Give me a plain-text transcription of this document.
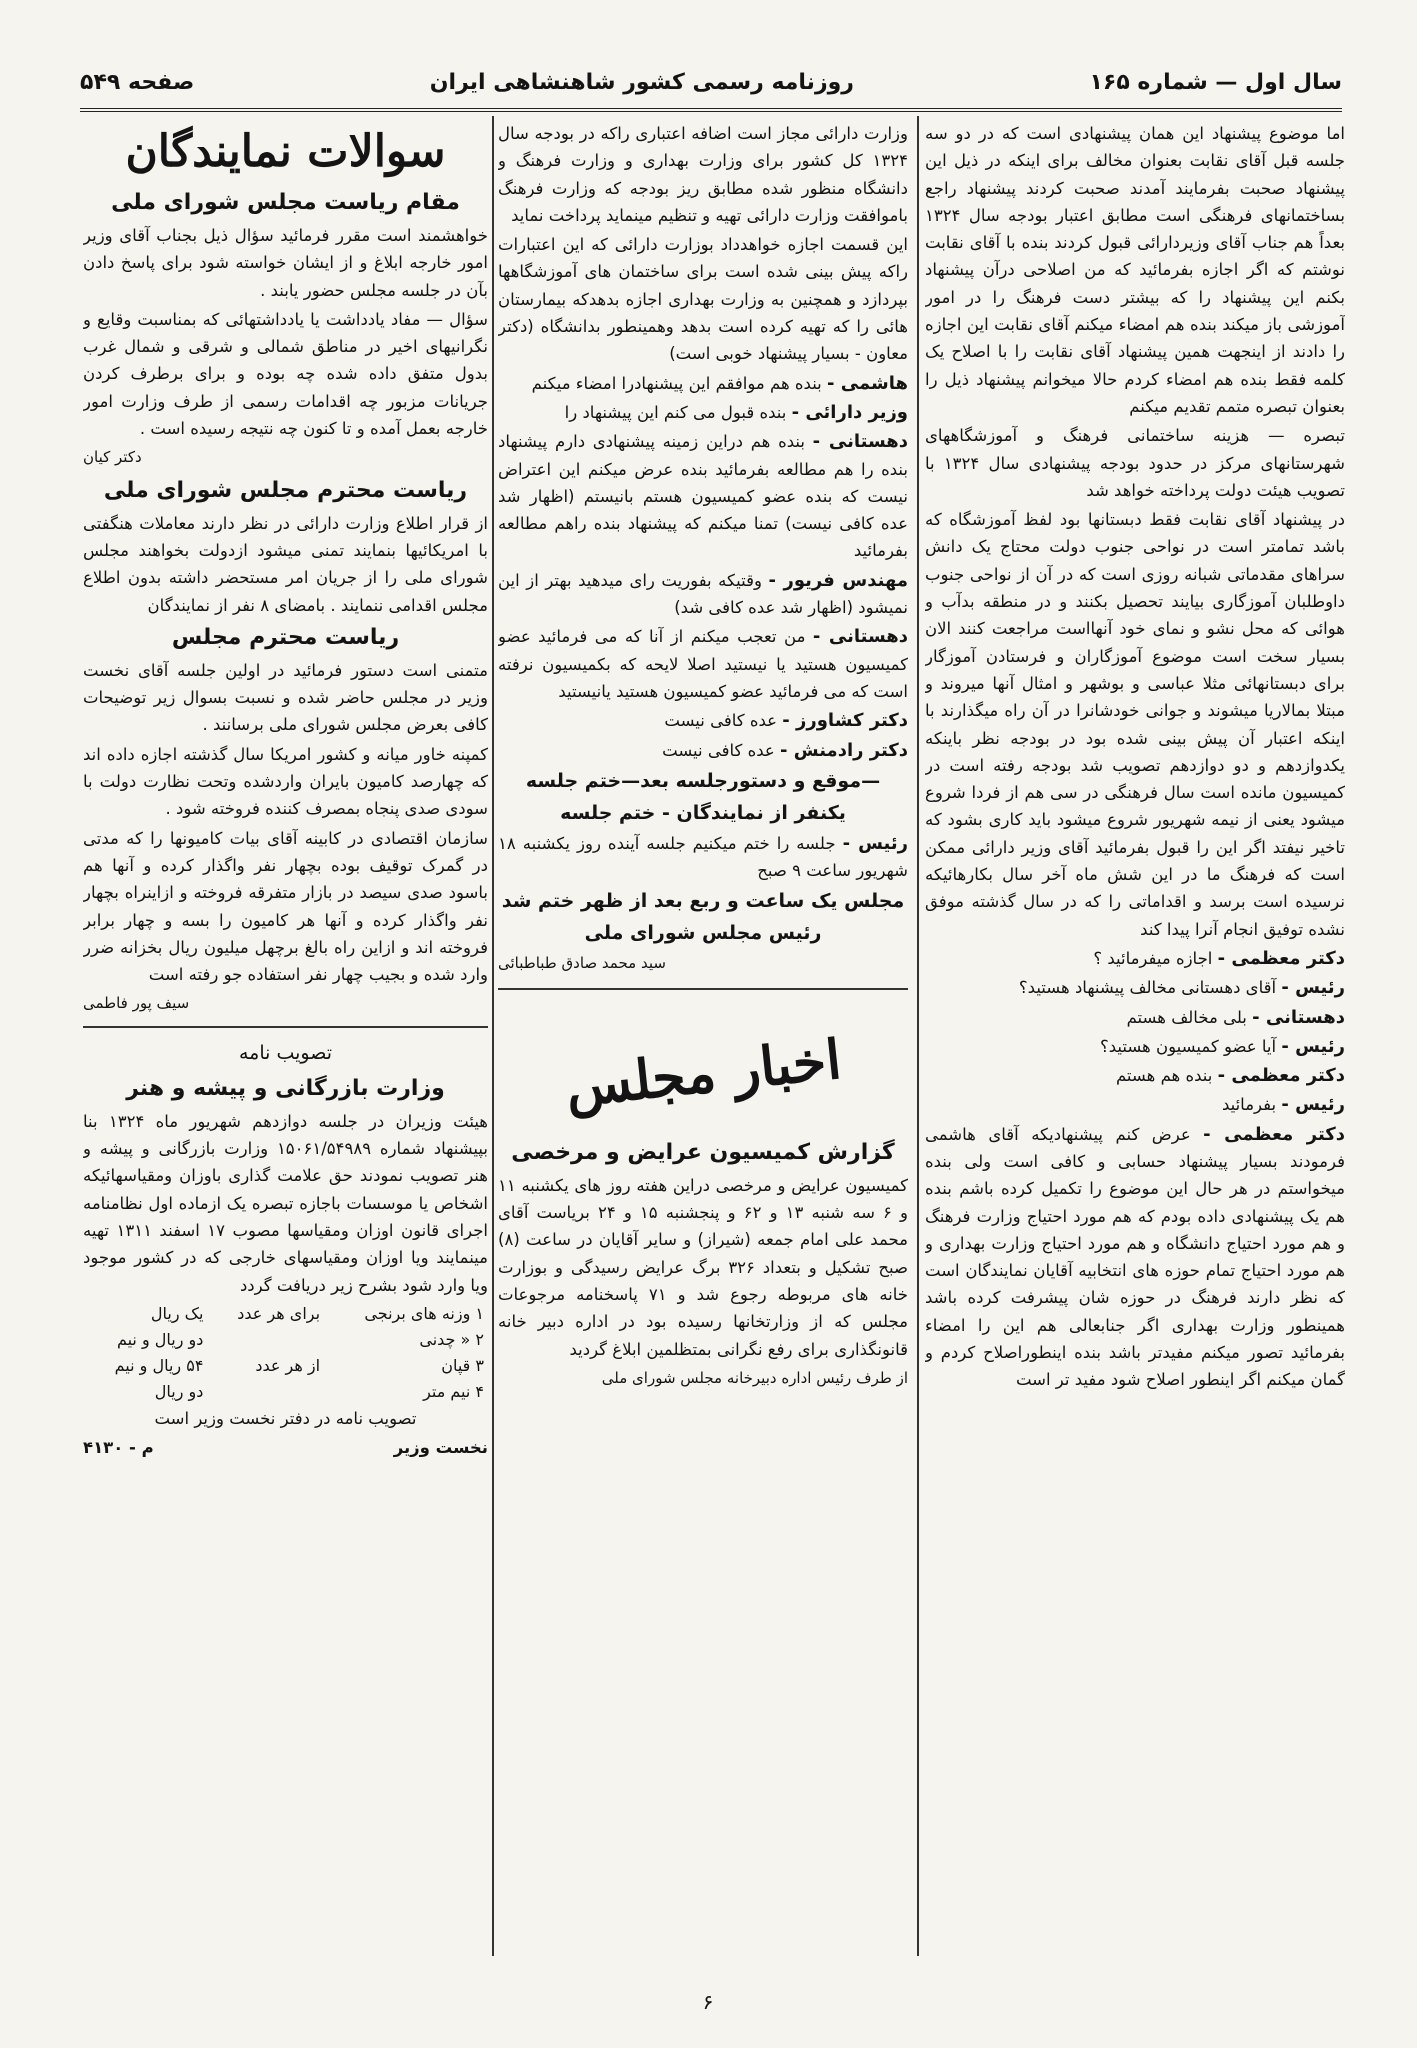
سال اول — شماره ۱۶۵
روزنامه رسمی کشور شاهنشاهی ایران
صفحه ۵۴۹

اما موضوع پیشنهاد این همان پیشنهادی است که در دو سه جلسه قبل آقای نقابت بعنوان مخالف برای اینکه در ذیل این پیشنهاد صحبت بفرمایند آمدند صحبت کردند پیشنهاد راجع بساختمانهای فرهنگی است مطابق اعتبار بودجه سال ۱۳۲۴ بعداً هم جناب آقای وزیردارائی قبول کردند بنده با آقای نقابت نوشتم که اگر اجازه بفرمائید که من اصلاحی درآن پیشنهاد بکنم این پیشنهاد را که بیشتر دست فرهنگ را در امور آموزشی باز میکند بنده هم امضاء میکنم آقای نقابت این اجازه را دادند از اینجهت همین پیشنهاد آقای نقابت را با اصلاح یک کلمه فقط بنده هم امضاء کردم حالا میخوانم پیشنهاد ذیل را بعنوان تبصره متمم تقدیم میکنم

تبصره — هزینه ساختمانی فرهنگ و آموزشگاههای شهرستانهای مرکز در حدود بودجه پیشنهادی سال ۱۳۲۴ با تصویب هیئت دولت پرداخته خواهد شد

در پیشنهاد آقای نقابت فقط دبستانها بود لفظ آموزشگاه که باشد تمامتر است در نواحی جنوب دولت محتاج یک دانش سراهای مقدماتی شبانه روزی است که در آن از نواحی جنوب داوطلبان آموزگاری بیایند تحصیل بکنند و در منطقه بدآب و هوائی که محل نشو و نمای خود آنهااست مراجعت کنند الان بسیار سخت است موضوع آموزگاران و فرستادن آموزگار برای دبستانهائی مثلا عباسی و بوشهر و امثال آنها میروند و مبتلا بمالاریا میشوند و جوانی خودشانرا در آن راه میگذارند با اینکه اعتبار آن پیش بینی شده بود در بودجه نظر باینکه یکدوازدهم و دو دوازدهم تصویب شد بودجه رفته است در کمیسیون مانده است سال فرهنگی در سی هم از فردا شروع میشود یعنی از نیمه شهریور شروع میشود باید کاری بشود که تاخیر نیفتد اگر این را قبول بفرمائید آقای وزیر دارائی ممکن است که فرهنگ ما در این شش ماه آخر سال بکارهائیکه نرسیده است برسد و اقداماتی را که در سال گذشته موفق نشده توفیق انجام آنرا پیدا کند

دکتر معظمی - اجازه میفرمائید ؟

رئیس - آقای دهستانی مخالف پیشنهاد هستید؟

دهستانی - بلی مخالف هستم

رئیس - آیا عضو کمیسیون هستید؟

دکتر معظمی - بنده هم هستم

رئیس - بفرمائید

دکتر معظمی - عرض کنم پیشنهادیکه آقای هاشمی فرمودند بسیار پیشنهاد حسابی و کافی است ولی بنده میخواستم در هر حال این موضوع را تکمیل کرده باشم بنده هم یک پیشنهادی داده بودم که هم مورد احتیاج وزارت فرهنگ و هم مورد احتیاج دانشگاه و هم مورد احتیاج وزارت بهداری و هم مورد احتیاج تمام حوزه های انتخابیه آقایان نمایندگان است که نظر دارند فرهنگ در حوزه شان پیشرفت کرده باشد همینطور وزارت بهداری اگر جنابعالی هم این را امضاء بفرمائید تصور میکنم مفیدتر باشد بنده اینطوراصلاح کردم و گمان میکنم اگر اینطور اصلاح شود مفید تر است

وزارت دارائی مجاز است اضافه اعتباری راکه در بودجه سال ۱۳۲۴ کل کشور برای وزارت بهداری و وزارت فرهنگ و دانشگاه منظور شده مطابق ریز بودجه که وزارت فرهنگ باموافقت وزارت دارائی تهیه و تنظیم مینماید پرداخت نماید

این قسمت اجازه خواهدداد بوزارت دارائی که این اعتبارات راکه پیش بینی شده است برای ساختمان های آموزشگاهها بپردازد و همچنین به وزارت بهداری اجازه بدهدکه بیمارستان هائی را که تهیه کرده است بدهد وهمینطور بدانشگاه (دکتر معاون - بسیار پیشنهاد خوبی است)

هاشمی - بنده هم موافقم این پیشنهادرا امضاء میکنم

وزیر دارائی - بنده قبول می کنم این پیشنهاد را

دهستانی - بنده هم دراین زمینه پیشنهادی دارم پیشنهاد بنده را هم مطالعه بفرمائید بنده عرض میکنم این اعتراض نیست که بنده عضو کمیسیون هستم بانیستم (اظهار شد عده کافی نیست) تمنا میکنم که پیشنهاد بنده راهم مطالعه بفرمائید

مهندس فریور - وقتیکه بفوریت رای میدهید بهتر از این نمیشود (اظهار شد عده کافی شد)

دهستانی - من تعجب میکنم از آنا که می فرمائید عضو کمیسیون هستید یا نیستید اصلا لایحه که بکمیسیون نرفته است که می فرمائید عضو کمیسیون هستید یانیستید

دکتر کشاورز - عده کافی نیست

دکتر رادمنش - عده کافی نیست

—موقع و دستورجلسه بعد—ختم جلسه

یکنفر از نمایندگان - ختم جلسه

رئیس - جلسه را ختم میکنیم جلسه آینده روز یکشنبه ۱۸ شهریور ساعت ۹ صبح

مجلس یک ساعت و ربع بعد از ظهر ختم شد

رئیس مجلس شورای ملی

سید محمد صادق طباطبائی

اخبار مجلس

گزارش کمیسیون عرایض و مرخصی

کمیسیون عرایض و مرخصی دراین هفته روز های یکشنبه ۱۱ و ۶ سه شنبه ۱۳ و ۶۲ و پنجشنبه ۱۵ و ۲۴ بریاست آقای محمد علی امام جمعه (شیراز) و سایر آقایان در ساعت (۸) صبح تشکیل و بتعداد ۳۲۶ برگ عرایض رسیدگی و بوزارت خانه های مربوطه رجوع شد و ۷۱ پاسخنامه مرجوعات مجلس که از وزارتخانها رسیده بود در اداره دبیر خانه قانونگذاری برای رفع نگرانی بمتظلمین ابلاغ گردید

از طرف رئیس اداره دبیرخانه مجلس شورای ملی

سوالات نمایندگان

مقام ریاست مجلس شورای ملی

خواهشمند است مقرر فرمائید سؤال ذیل بجناب آقای وزیر امور خارجه ابلاغ و از ایشان خواسته شود برای پاسخ دادن بآن در جلسه مجلس حضور یابند .

سؤال — مفاد یادداشت یا یادداشتهائی که بمناسبت وقایع و نگرانیهای اخیر در مناطق شمالی و شرقی و شمال غرب بدول متفق داده شده چه بوده و برای برطرف کردن جریانات مزبور چه اقدامات رسمی از طرف وزارت امور خارجه بعمل آمده و تا کنون چه نتیجه رسیده است .

دکتر کیان

ریاست محترم مجلس شورای ملی

از قرار اطلاع وزارت دارائی در نظر دارند معاملات هنگفتی با امریکائیها بنمایند تمنی میشود ازدولت بخواهند مجلس شورای ملی را از جریان امر مستحضر داشته بدون اطلاع مجلس اقدامی ننمایند . بامضای ۸ نفر از نمایندگان

ریاست محترم مجلس

متمنی است دستور فرمائید در اولین جلسه آقای نخست وزیر در مجلس حاضر شده و نسبت بسوال زیر توضیحات کافی بعرض مجلس شورای ملی برسانند .

کمپنه خاور میانه و کشور امریکا سال گذشته اجازه داده اند که چهارصد کامیون بایران واردشده وتحت نظارت دولت با سودی صدی پنجاه بمصرف کننده فروخته شود .

سازمان اقتصادی در کابینه آقای بیات کامیونها را که مدتی در گمرک توقیف بوده بچهار نفر واگذار کرده و آنها هم باسود صدی سیصد در بازار متفرقه فروخته و ازاینراه بچهار نفر واگذار کرده و آنها هر کامیون را بسه و چهار برابر فروخته اند و ازاین راه بالغ برچهل میلیون ریال بخزانه ضرر وارد شده و بجیب چهار نفر استفاده جو رفته است

سیف پور فاطمی

تصویب نامه

وزارت بازرگانی و پیشه و هنر

هیئت وزیران در جلسه دوازدهم شهریور ماه ۱۳۲۴ بنا بپیشنهاد شماره ۱۵۰۶۱/۵۴۹۸۹ وزارت بازرگانی و پیشه و هنر تصویب نمودند حق علامت گذاری باوزان ومقیاسهائیکه اشخاص یا موسسات باجازه تبصره یک ازماده اول نظامنامه اجرای قانون اوزان ومقیاسها مصوب ۱۷ اسفند ۱۳۱۱ تهیه مینمایند ویا اوزان ومقیاسهای خارجی که در کشور موجود ویا وارد شود بشرح زیر دریافت گردد

۱ وزنه های برنجی	برای هر عدد	یک ریال
۲ « چدنی		دو ریال و نیم
۳ قپان	از هر عدد	۵۴ ریال و نیم
۴ نیم متر		دو ریال

تصویب نامه در دفتر نخست وزیر است

نخست وزیر
م - ۴۱۳۰

۶
